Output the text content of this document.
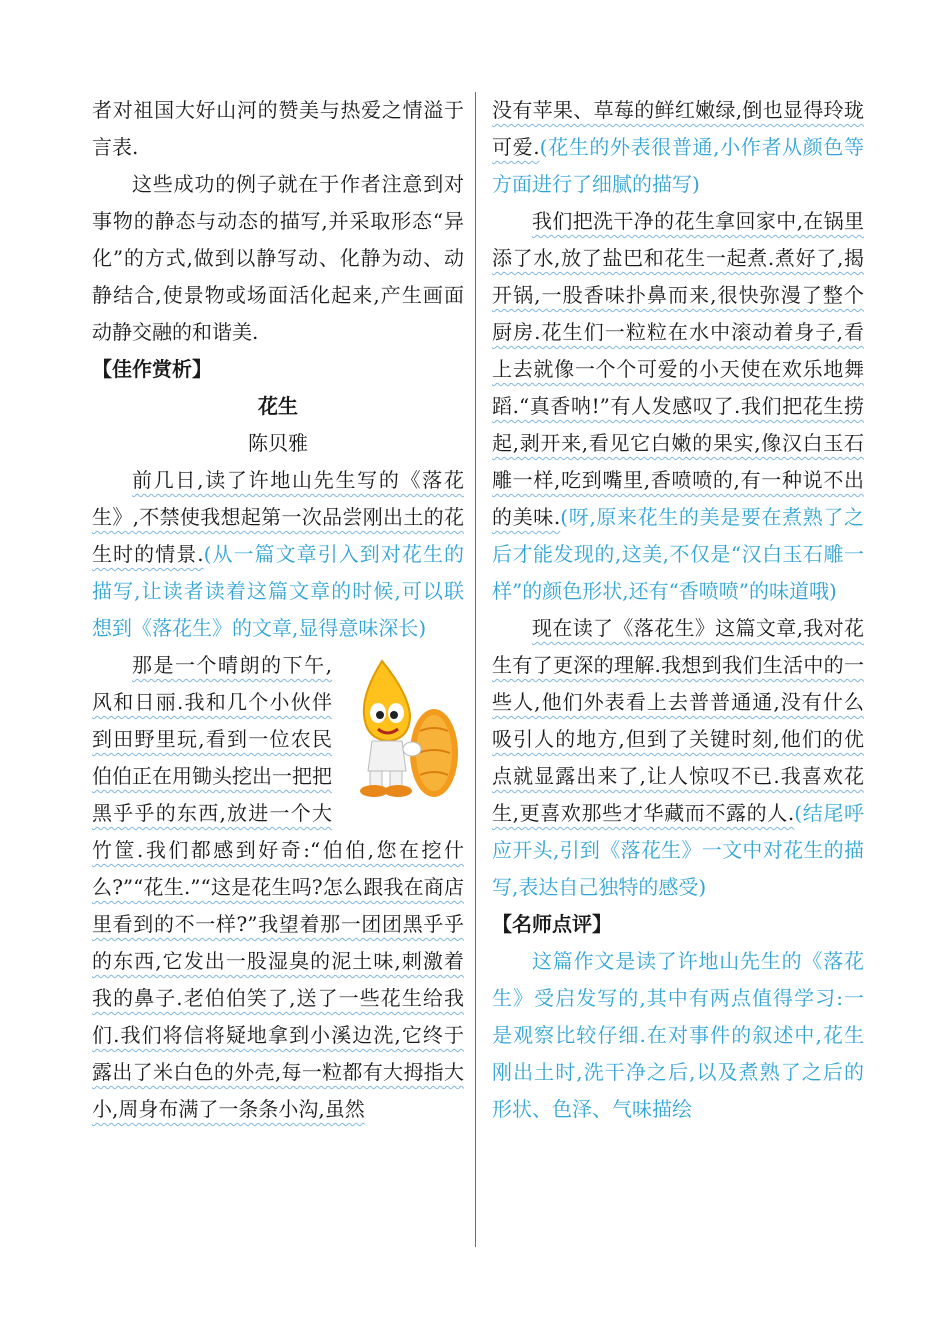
者对祖国大好山河的赞美与热爱之情溢于言表.

这些成功的例子就在于作者注意到对事物的静态与动态的描写,并采取形态“异化”的方式,做到以静写动、化静为动、动静结合,使景物或场面活化起来,产生画面动静交融的和谐美.

【佳作赏析】

花生

陈贝雅

前几日,读了许地山先生写的《落花生》,不禁使我想起第一次品尝刚出土的花生时的情景.(从一篇文章引入到对花生的描写,让读者读着这篇文章的时候,可以联想到《落花生》的文章,显得意味深长)

那是一个晴朗的下午,风和日丽.我和几个小伙伴到田野里玩,看到一位农民伯伯正在用锄头挖出一把把黑乎乎的东西,放进一个大竹筐.我们都感到好奇:“伯伯,您在挖什么?”“花生.”“这是花生吗?怎么跟我在商店里看到的不一样?”我望着那一团团黑乎乎的东西,它发出一股湿臭的泥土味,刺激着我的鼻子.老伯伯笑了,送了一些花生给我们.我们将信将疑地拿到小溪边洗,它终于露出了米白色的外壳,每一粒都有大拇指大小,周身布满了一条条小沟,虽然

没有苹果、草莓的鲜红嫩绿,倒也显得玲珑可爱.(花生的外表很普通,小作者从颜色等方面进行了细腻的描写)

我们把洗干净的花生拿回家中,在锅里添了水,放了盐巴和花生一起煮.煮好了,揭开锅,一股香味扑鼻而来,很快弥漫了整个厨房.花生们一粒粒在水中滚动着身子,看上去就像一个个可爱的小天使在欢乐地舞蹈.“真香呐!”有人发感叹了.我们把花生捞起,剥开来,看见它白嫩的果实,像汉白玉石雕一样,吃到嘴里,香喷喷的,有一种说不出的美味.(呀,原来花生的美是要在煮熟了之后才能发现的,这美,不仅是“汉白玉石雕一样”的颜色形状,还有“香喷喷”的味道哦)

现在读了《落花生》这篇文章,我对花生有了更深的理解.我想到我们生活中的一些人,他们外表看上去普普通通,没有什么吸引人的地方,但到了关键时刻,他们的优点就显露出来了,让人惊叹不已.我喜欢花生,更喜欢那些才华藏而不露的人.(结尾呼应开头,引到《落花生》一文中对花生的描写,表达自己独特的感受)

【名师点评】

这篇作文是读了许地山先生的《落花生》受启发写的,其中有两点值得学习:一是观察比较仔细.在对事件的叙述中,花生刚出土时,洗干净之后,以及煮熟了之后的形状、色泽、气味描绘
